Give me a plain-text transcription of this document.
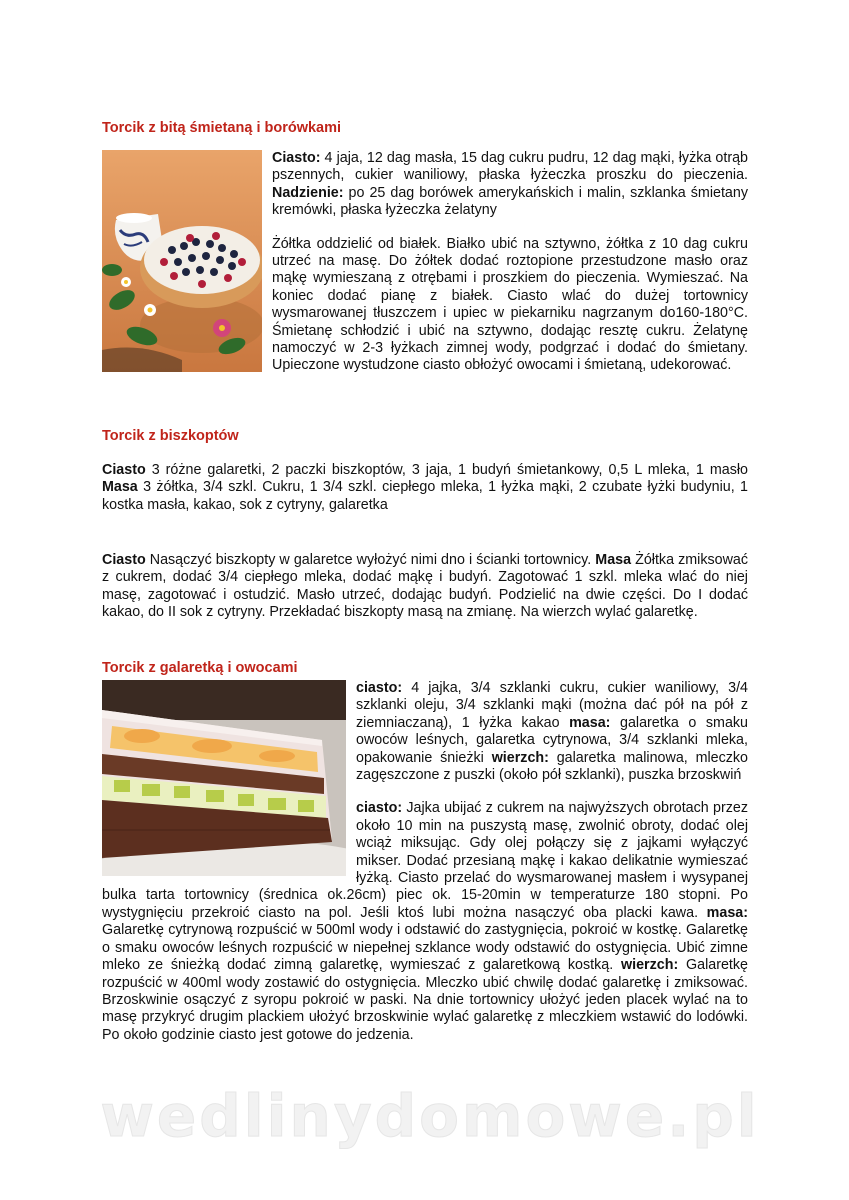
Torcik z bitą śmietaną i borówkami

Ciasto: 4 jaja, 12 dag masła, 15 dag cukru pudru, 12 dag mąki, łyżka otrąb pszennych, cukier waniliowy, płaska łyżeczka proszku do pieczenia. Nadzienie: po 25 dag borówek amerykańskich i malin, szklanka śmietany kremówki, płaska łyżeczka żelatyny

Żółtka oddzielić od białek. Białko ubić na sztywno, żółtka z 10 dag cukru utrzeć na masę. Do żółtek dodać roztopione przestudzone masło oraz mąkę wymieszaną z otrębami i proszkiem do pieczenia. Wymieszać. Na koniec dodać pianę z białek. Ciasto wlać do dużej tortownicy wysmarowanej tłuszczem i upiec w piekarniku nagrzanym do160-180°C. Śmietanę schłodzić i ubić na sztywno, dodając resztę cukru. Żelatynę namoczyć w 2-3 łyżkach zimnej wody, podgrzać i dodać do śmietany. Upieczone wystudzone ciasto obłożyć owocami i śmietaną, udekorować.

Torcik z biszkoptów

Ciasto 3 różne galaretki, 2 paczki biszkoptów, 3 jaja, 1 budyń śmietankowy, 0,5 L mleka, 1 masło Masa 3 żółtka, 3/4 szkl. Cukru, 1 3/4 szkl. ciepłego mleka, 1 łyżka mąki, 2 czubate łyżki budyniu, 1 kostka masła, kakao, sok z cytryny, galaretka

Ciasto Nasączyć biszkopty w galaretce wyłożyć nimi dno i ścianki tortownicy. Masa Żółtka zmiksować z cukrem, dodać 3/4 ciepłego mleka, dodać mąkę i budyń. Zagotować 1 szkl. mleka wlać do niej masę, zagotować i ostudzić. Masło utrzeć, dodając budyń. Podzielić na dwie części. Do I dodać kakao, do II sok z cytryny. Przekładać biszkopty masą na zmianę. Na wierzch wylać galaretkę.

Torcik z galaretką i owocami

ciasto: 4 jajka, 3/4 szklanki cukru, cukier waniliowy, 3/4 szklanki oleju, 3/4 szklanki mąki (można dać pół na pół z ziemniaczaną), 1 łyżka kakao masa: galaretka o smaku owoców leśnych, galaretka cytrynowa, 3/4 szklanki mleka, opakowanie śnieżki wierzch: galaretka malinowa, mleczko zagęszczone z puszki (około pół szklanki), puszka brzoskwiń

ciasto: Jajka ubijać z cukrem na najwyższych obrotach przez około 10 min na puszystą masę, zwolnić obroty, dodać olej wciąż miksując. Gdy olej połączy się z jajkami wyłączyć mikser. Dodać przesianą mąkę i kakao delikatnie wymieszać łyżką. Ciasto przelać do wysmarowanej masłem i wysypanej bulka tarta tortownicy (średnica ok.26cm) piec ok. 15-20min w temperaturze 180 stopni. Po wystygnięciu przekroić ciasto na pol. Jeśli ktoś lubi można nasączyć oba placki kawa. masa: Galaretkę cytrynową rozpuścić w 500ml wody i odstawić do zastygnięcia, pokroić w kostkę. Galaretkę o smaku owoców leśnych rozpuścić w niepełnej szklance wody odstawić do ostygnięcia. Ubić zimne mleko ze śnieżką dodać zimną galaretkę, wymieszać z galaretkową kostką. wierzch: Galaretkę rozpuścić w 400ml wody zostawić do ostygnięcia. Mleczko ubić chwilę dodać galaretkę i zmiksować. Brzoskwinie osączyć z syropu pokroić w paski. Na dnie tortownicy ułożyć jeden placek wylać na to masę przykryć drugim plackiem ułożyć brzoskwinie wylać galaretkę z mleczkiem wstawić do lodówki. Po około godzinie ciasto jest gotowe do jedzenia.

wedlinydomowe.pl
